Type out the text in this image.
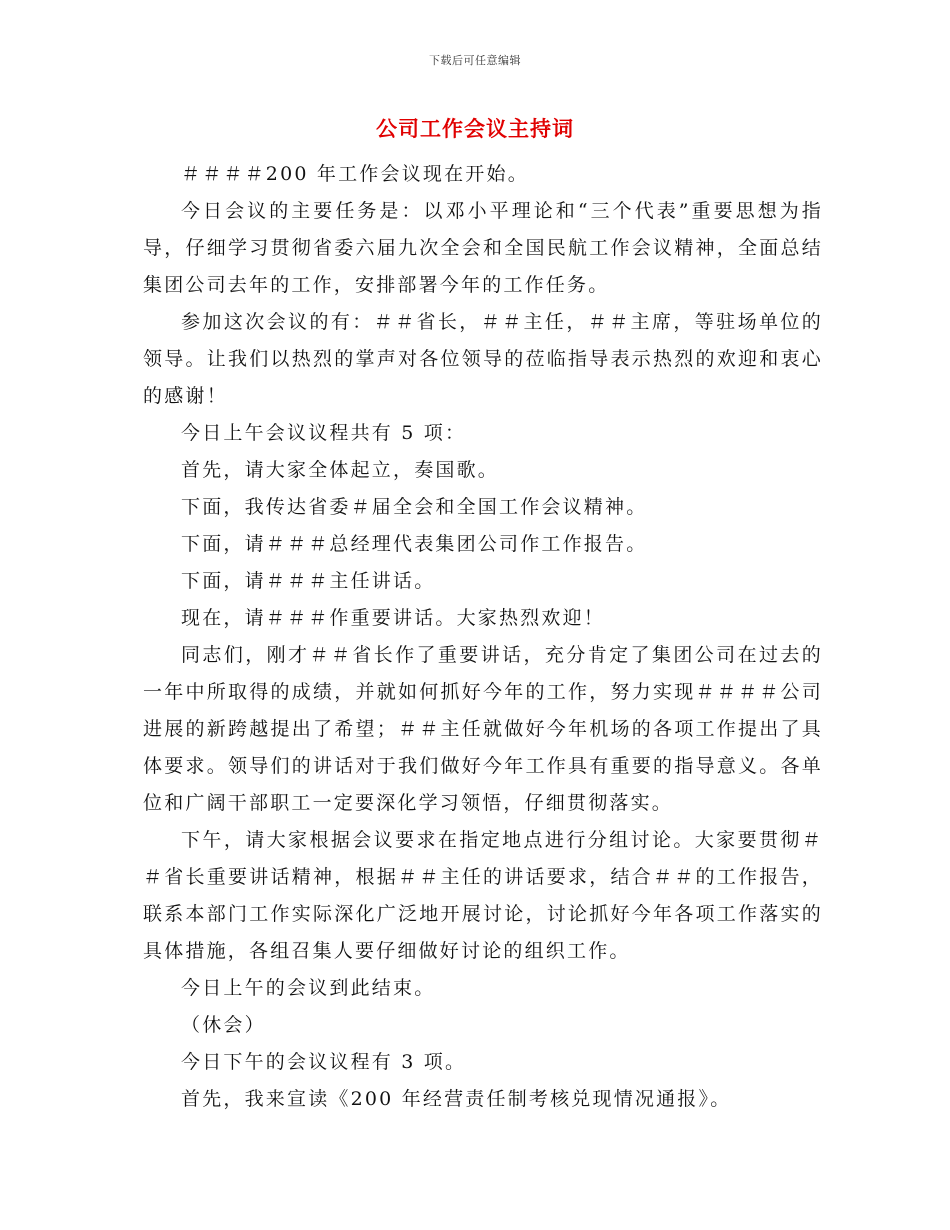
下载后可任意编辑
公司工作会议主持词

＃＃＃＃200 年工作会议现在开始。

今日会议的主要任务是：以邓小平理论和“三个代表”重要思想为指导，仔细学习贯彻省委六届九次全会和全国民航工作会议精神，全面总结集团公司去年的工作，安排部署今年的工作任务。

参加这次会议的有：＃＃省长，＃＃主任，＃＃主席，等驻场单位的领导。让我们以热烈的掌声对各位领导的莅临指导表示热烈的欢迎和衷心的感谢！

今日上午会议议程共有 5 项：

首先，请大家全体起立，奏国歌。

下面，我传达省委＃届全会和全国工作会议精神。

下面，请＃＃＃总经理代表集团公司作工作报告。

下面，请＃＃＃主任讲话。

现在，请＃＃＃作重要讲话。大家热烈欢迎！

同志们，刚才＃＃省长作了重要讲话，充分肯定了集团公司在过去的一年中所取得的成绩，并就如何抓好今年的工作，努力实现＃＃＃＃公司进展的新跨越提出了希望；＃＃主任就做好今年机场的各项工作提出了具体要求。领导们的讲话对于我们做好今年工作具有重要的指导意义。各单位和广阔干部职工一定要深化学习领悟，仔细贯彻落实。

下午，请大家根据会议要求在指定地点进行分组讨论。大家要贯彻＃＃省长重要讲话精神，根据＃＃主任的讲话要求，结合＃＃的工作报告，联系本部门工作实际深化广泛地开展讨论，讨论抓好今年各项工作落实的具体措施，各组召集人要仔细做好讨论的组织工作。

今日上午的会议到此结束。

（休会）

今日下午的会议议程有 3 项。

首先，我来宣读《200 年经营责任制考核兑现情况通报》。
